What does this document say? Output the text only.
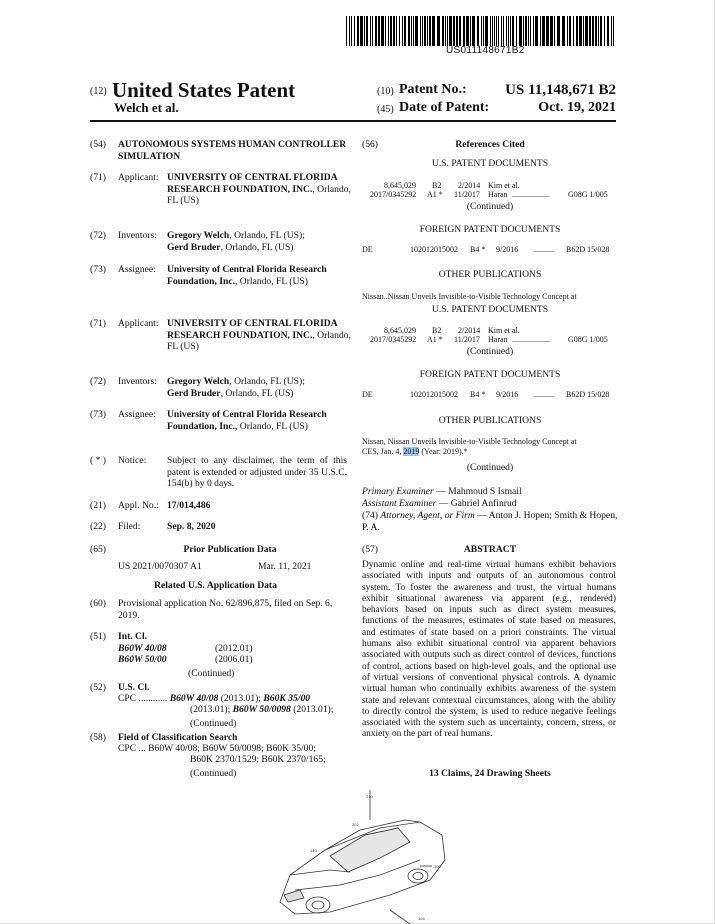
US011148671B2
(12) United States Patent
Welch et al.
(10) Patent No.:	US 11,148,671 B2
(45) Date of Patent:	Oct. 19, 2021
(54) AUTONOMOUS SYSTEMS HUMAN CONTROLLER SIMULATION
(71) Applicant: UNIVERSITY OF CENTRAL FLORIDA RESEARCH FOUNDATION, INC., Orlando, FL (US)
(72) Inventors: Gregory Welch, Orlando, FL (US);
Gerd Bruder, Orlando, FL (US)
(73) Assignee: University of Central Florida Research Foundation, Inc., Orlando, FL (US)
(71) Applicant: UNIVERSITY OF CENTRAL FLORIDA RESEARCH FOUNDATION, INC., Orlando, FL (US)
(72) Inventors: Gregory Welch, Orlando, FL (US);
Gerd Bruder, Orlando, FL (US)
(73) Assignee: University of Central Florida Research Foundation, Inc., Orlando, FL (US)
( * ) Notice: Subject to any disclaimer, the term of this patent is extended or adjusted under 35 U.S.C. 154(b) by 0 days.
(21) Appl. No.: 17/014,486
(22) Filed:	Sep. 8, 2020
(65)	Prior Publication Data
US 2021/0070307 A1	Mar. 11, 2021
Related U.S. Application Data
(60) Provisional application No. 62/896,875, filed on Sep. 6, 2019.
(51) Int. Cl.
B60W 40/08	(2012.01)
B60W 50/00	(2006.01)
(Continued)
(52) U.S. Cl.
CPC ............ B60W 40/08 (2013.01); B60K 35/00
(2013.01); B60W 50/0098 (2013.01);
(Continued)
(58) Field of Classification Search
CPC ... B60W 40/08; B60W 50/0098; B60K 35/00;
B60K 2370/1529; B60K 2370/165;
(Continued)
(56)	References Cited
U.S. PATENT DOCUMENTS
8,645,029 B2 2/2014 Kim et al.
2017/0345292 A1 * 11/2017 Haran ................... G08G 1/005
(Continued)
FOREIGN PATENT DOCUMENTS
DE	102012015002 B4 * 9/2016 .......... B62D 15/028
OTHER PUBLICATIONS
Nissan..Nissan Unveils Invisible-to-Visible Technology Concept at
U.S. PATENT DOCUMENTS
8,645,029 B2 2/2014 Kim et al.
2017/0345292 A1 * 11/2017 Haran ................... G08G 1/005
(Continued)
FOREIGN PATENT DOCUMENTS
DE	102012015002 B4 * 9/2016 .......... B62D 15/028
OTHER PUBLICATIONS
Nissan, Nissan Unveils Invisible-to-Visible Technology Concept at
CES, Jan. 4, 2019 (Year: 2019).*
(Continued)
Primary Examiner — Mahmoud S Ismail
Assistant Examiner — Gabriel Anfinrud
(74) Attorney, Agent, or Firm — Anton J. Hopen; Smith & Hopen, P. A.
(57)	ABSTRACT
Dynamic online and real-time virtual humans exhibit behaviors associated with inputs and outputs of an autonomous control system. To foster the awareness and trust, the virtual humans exhibit situational awareness via apparent (e.g., rendered) behaviors based on inputs such as direct system measures, functions of the measures, estimates of state based on measures, and estimates of state based on a priori constraints. The virtual humans also exhibit situational control via apparent behaviors associated with outputs such as direct control of devices, functions of control, actions based on high-level goals, and the optional use of virtual versions of conventional physical controls. A dynamic virtual human who continually exhibits awareness of the system state and relevant contextual circumstances, along with the ability to directly control the system, is used to reduce negative feelings associated with the system such as uncertainty, concern, stress, or anxiety on the part of real humans.
13 Claims, 24 Drawing Sheets
210
104
300
202
140
